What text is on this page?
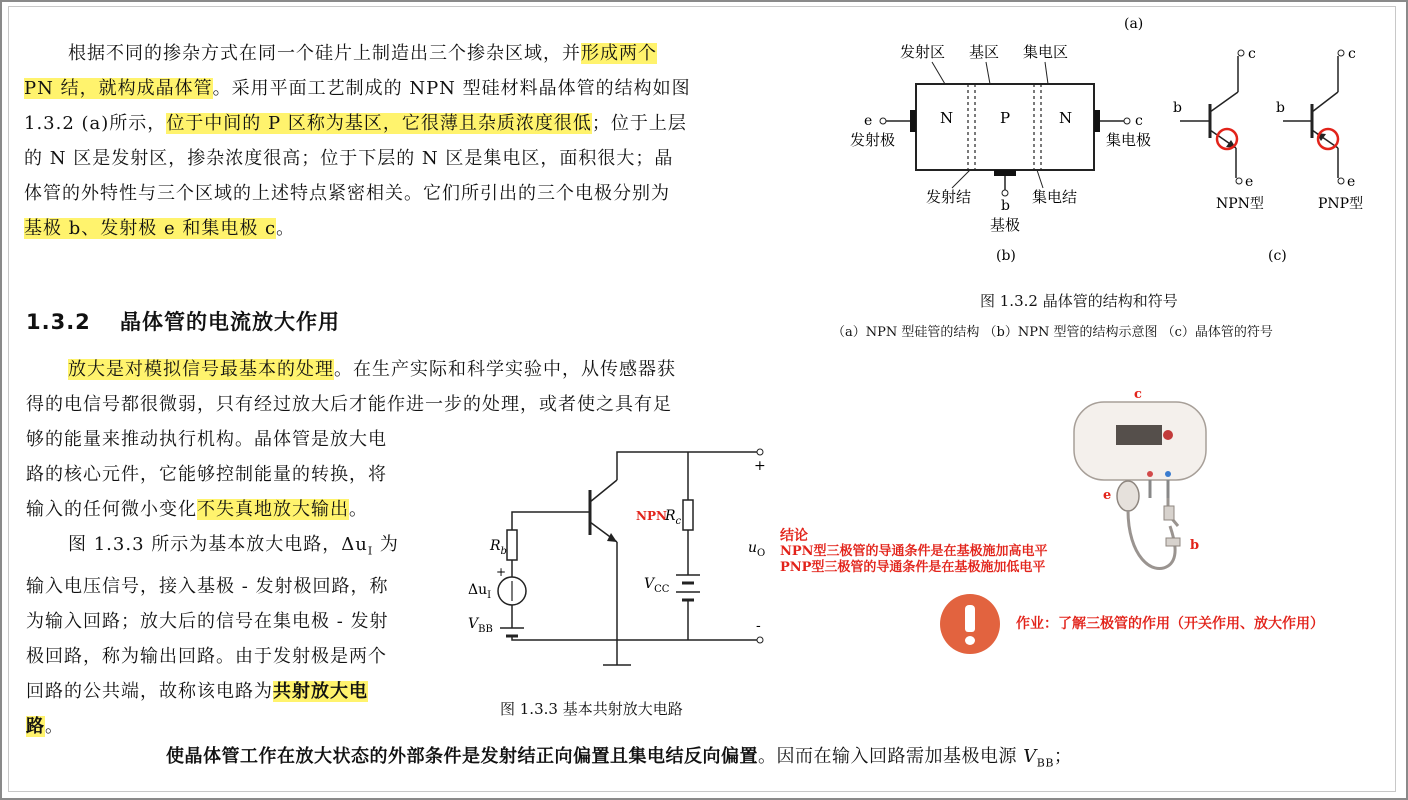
根据不同的掺杂方式在同一个硅片上制造出三个掺杂区域，并形成两个

PN 结，就构成晶体管。采用平面工艺制成的 NPN 型硅材料晶体管的结构如图

1.3.2 (a)所示，位于中间的 P 区称为基区，它很薄且杂质浓度很低；位于上层

的 N 区是发射区，掺杂浓度很高；位于下层的 N 区是集电区，面积很大；晶

体管的外特性与三个区域的上述特点紧密相关。它们所引出的三个电极分别为

基极 b、发射极 e 和集电极 c。

1.3.2 晶体管的电流放大作用

放大是对模拟信号最基本的处理。在生产实际和科学实验中，从传感器获

得的电信号都很微弱，只有经过放大后才能作进一步的处理，或者使之具有足

够的能量来推动执行机构。晶体管是放大电

路的核心元件，它能够控制能量的转换，将

输入的任何微小变化不失真地放大输出。

图 1.3.3 所示为基本放大电路，$\Delta u_I$ 为

输入电压信号，接入基极 - 发射极回路，称

为输入回路；放大后的信号在集电极 - 发射

极回路，称为输出回路。由于发射极是两个

回路的公共端，故称该电路为共射放大电

路。

(a)
发射区 基区 集电区
N	P	N
e
发射极
c
集电极
b
基极
发射结	集电结
(b)
b
c
e
NPN型
b
c
e
PNP型
(c)
图 1.3.2 晶体管的结构和符号
（a）NPN 型硅管的结构 （b）NPN 型管的结构示意图 （c）晶体管的符号
NPN
$R_b$
+
$\Delta u_I$
$V_{BB}$
$R_c$
$V_{CC}$
+
-
$u_O$
图 1.3.3 基本共射放大电路
c
e
b
结论
NPN型三极管的导通条件是在基极施加高电平
PNP型三极管的导通条件是在基极施加低电平
作业：了解三极管的作用（开关作用、放大作用）
使晶体管工作在放大状态的外部条件是发射结正向偏置且集电结反向偏置。因而在输入回路需加基极电源 $V_{BB}$；
